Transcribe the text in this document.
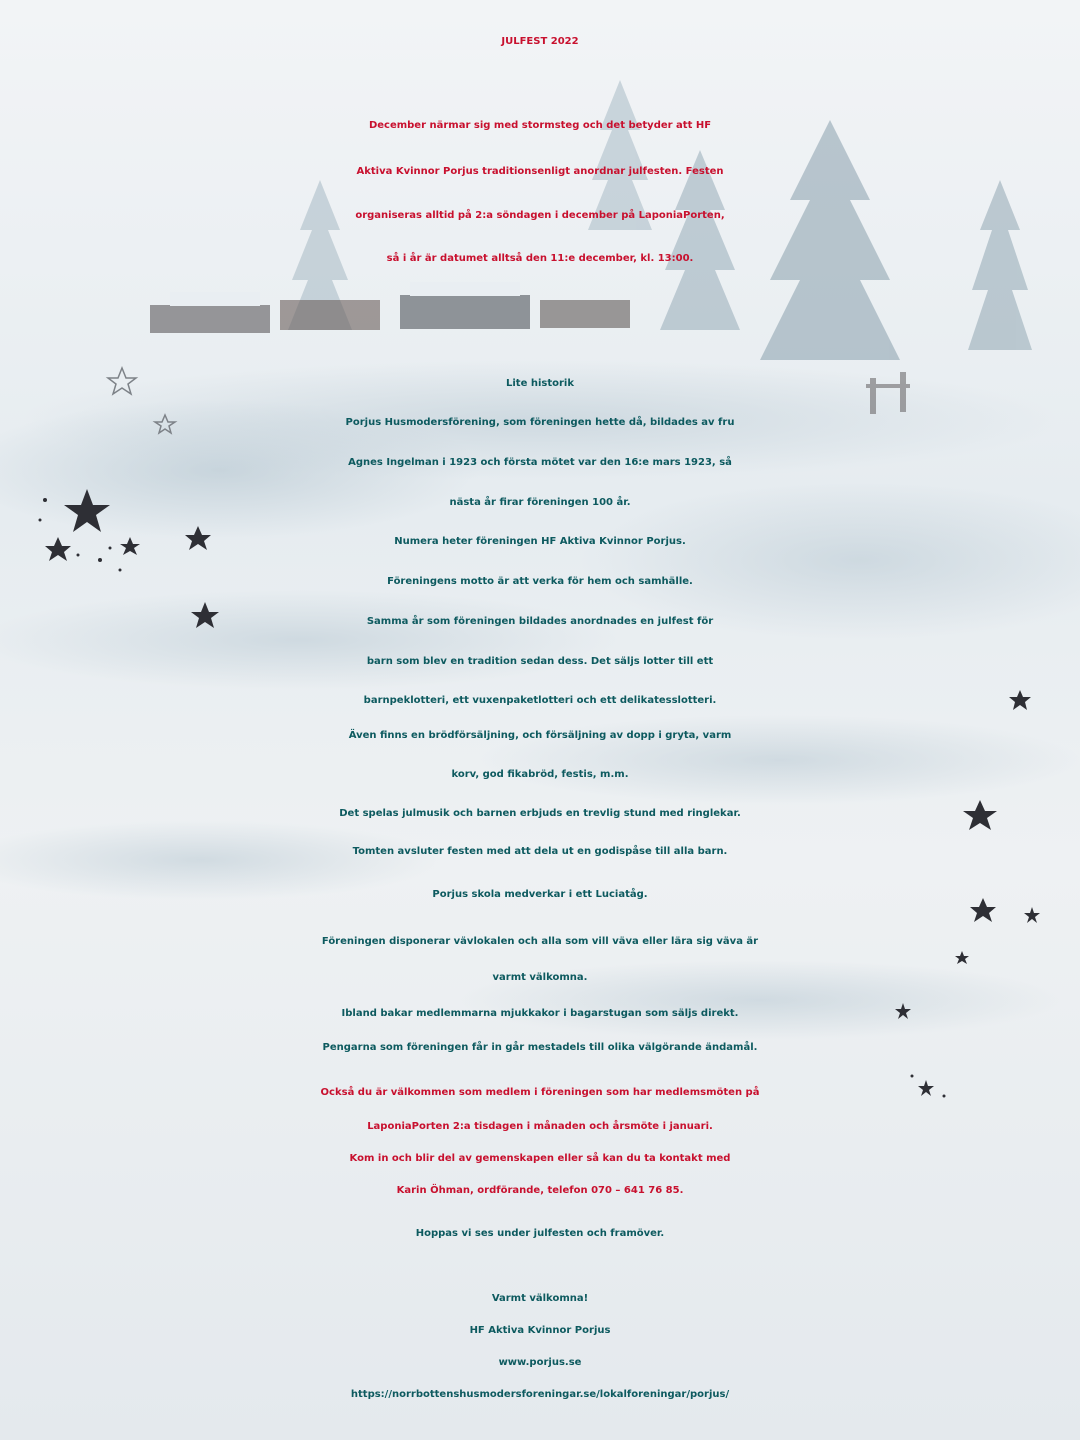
JULFEST 2022

December närmar sig med stormsteg och det betyder att HF

Aktiva Kvinnor Porjus traditionsenligt anordnar julfesten. Festen

organiseras alltid på 2:a söndagen i december på LaponiaPorten,

så i år är datumet alltså den 11:e december, kl. 13:00.

Lite historik

Porjus Husmodersförening, som föreningen hette då, bildades av fru

Agnes Ingelman i 1923 och första mötet var den 16:e mars 1923, så

nästa år firar föreningen 100 år.

Numera heter föreningen HF Aktiva Kvinnor Porjus.

Föreningens motto är att verka för hem och samhälle.

Samma år som föreningen bildades anordnades en julfest för

barn som blev en tradition sedan dess. Det säljs lotter till ett

barnpeklotteri, ett vuxenpaketlotteri och ett delikatesslotteri.

Även finns en brödförsäljning, och försäljning av dopp i gryta, varm

korv, god fikabröd, festis, m.m.

Det spelas julmusik och barnen erbjuds en trevlig stund med ringlekar.

Tomten avsluter festen med att dela ut en godispåse till alla barn.

Porjus skola medverkar i ett Luciatåg.

Föreningen disponerar vävlokalen och alla som vill väva eller lära sig väva är

varmt välkomna.

Ibland bakar medlemmarna mjukkakor i bagarstugan som säljs direkt.

Pengarna som föreningen får in går mestadels till olika välgörande ändamål.

Också du är välkommen som medlem i föreningen som har medlemsmöten på

LaponiaPorten 2:a tisdagen i månaden och årsmöte i januari.

Kom in och blir del av gemenskapen eller så kan du ta kontakt med

Karin Öhman, ordförande, telefon 070 – 641 76 85.

Hoppas vi ses under julfesten och framöver.

Varmt välkomna!

HF Aktiva Kvinnor Porjus

www.porjus.se

https://norrbottenshusmodersforeningar.se/lokalforeningar/porjus/
